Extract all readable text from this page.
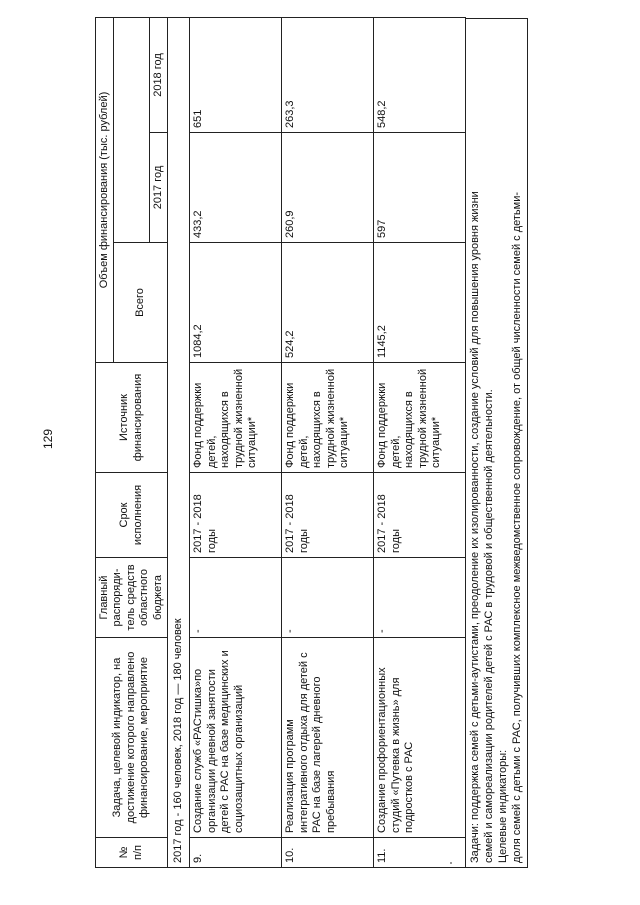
129
№ п/п	Задача, целевой индикатор, на достижение которого направлено финансирование, мероприятие	Главный распоряди-тель средств областного бюджета	Срок исполнения	Источник финансирования	Объем финансирования (тыс. рублей)		
					Всего		
						2017 год	2018 год
2017 год - 160 человек, 2018 год — 180 человек							
9.	Создание служб «РАСтишка»по организации дневной занятости детей с РАС на базе медицинских и социозащитных организаций	-	2017 - 2018 годы	Фонд поддержки детей, находящихся в трудной жизненной ситуации*	1084,2	433,2	651
10.	Реализация программ интегративного отдыха для детей с РАС на базе лагерей дневного пребывания	-	2017 - 2018 годы	Фонд поддержки детей, находящихся в трудной жизненной ситуации*	524,2	260,9	263,3
11.	Создание профориентационных студий «Путевка в жизнь» для подростков с РАС	-	2017 - 2018 годы	Фонд поддержки детей, находящихся в трудной жизненной ситуации*	1145,2	597	548,2
Задачи: поддержка семей с детьми-аутистами, преодоление их изолированности, создание условий для повышения уровня жизни семей и самореализации родителей детей с РАС в трудовой и общественной деятельности. Целевые индикаторы: доля семей с детьми с РАС, получивших комплексное межведомственное сопровождение, от общей численности семей с детьми-
